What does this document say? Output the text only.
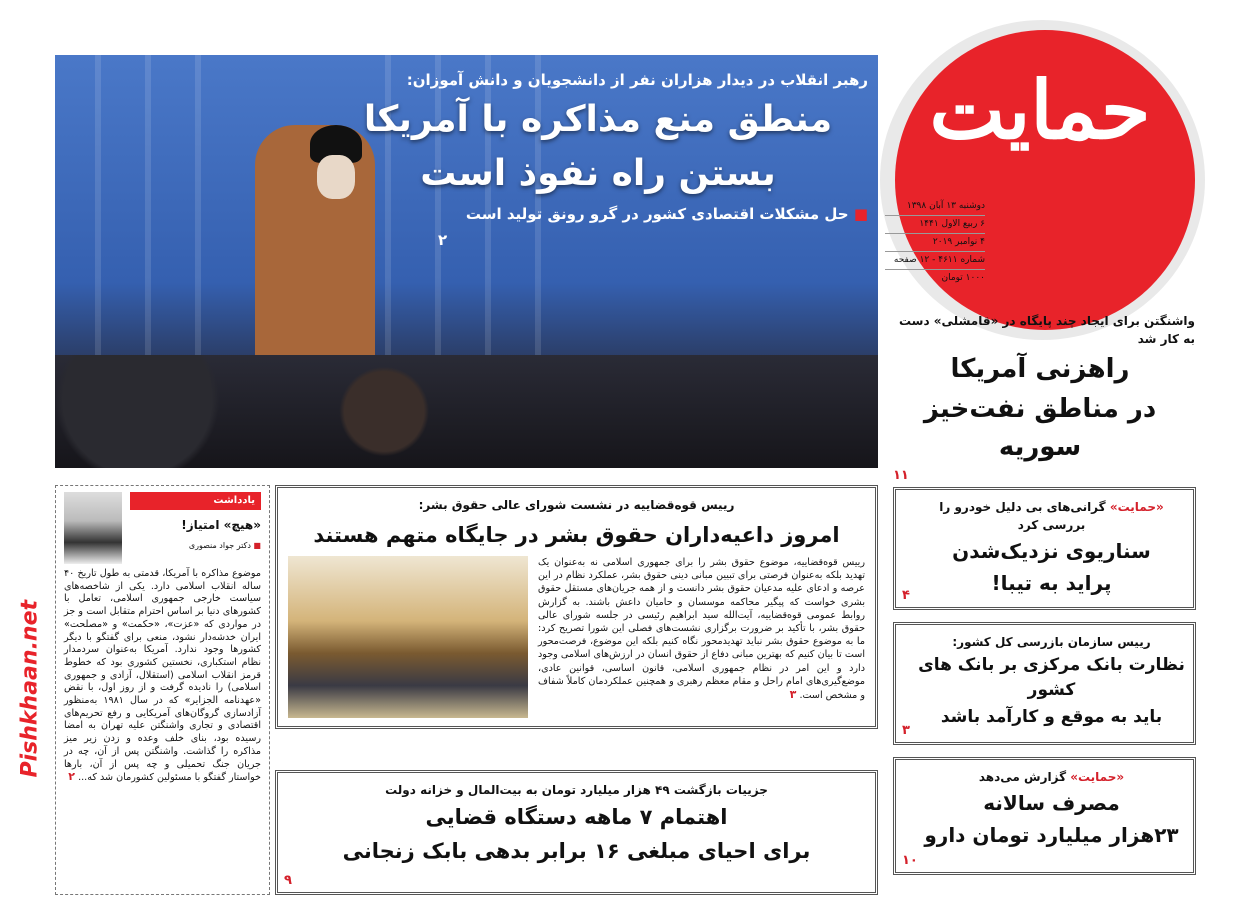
حمایت
دوشنبه ۱۳ آبان ۱۳۹۸
۶ ربیع الاول ۱۴۴۱
۴ نوامبر ۲۰۱۹
شماره ۴۶۱۱ - ۱۲ صفحه
۱۰۰۰ تومان
رهبر انقلاب در دیدار هزاران نفر از دانشجویان و دانش آموزان:
منطق منع مذاکره با آمریکا
بستن راه نفوذ است
■ حل مشکلات اقتصادی کشور در گرو رونق تولید است
۲
واشنگتن برای ایجاد چند پایگاه در «قامشلی» دست به کار شد
راهزنی آمریکا
در مناطق نفت‌خیز سوریه
۱۱
یادداشت
«هیچ» امتیاز!
■ دکتر جواد منصوری
موضوع مذاکره با آمریکا، قدمتی به طول تاریخ ۴۰ ساله انقلاب اسلامی دارد. یکی از شاخصه‌های سیاست خارجی جمهوری اسلامی، تعامل با کشورهای دنیا بر اساس احترام متقابل است و جز در مواردی که «عزت»، «حکمت» و «مصلحت» ایران خدشه‌دار نشود، منعی برای گفتگو با دیگر کشورها وجود ندارد. آمریکا به‌عنوان سردمدار نظام استکباری، نخستین کشوری بود که خطوط قرمز انقلاب اسلامی (استقلال، آزادی و جمهوری اسلامی) را نادیده گرفت و از روز اول، با نقض «عهدنامه الجزایر» که در سال ۱۹۸۱ به‌منظور آزادسازی گروگان‌های آمریکایی و رفع تحریم‌های اقتصادی و تجاری واشنگتن علیه تهران به امضا رسیده بود، بنای خلف وعده و زدن زیر میز مذاکره را گذاشت. واشنگتن پس از آن، چه در جریان جنگ تحمیلی و چه پس از آن، بارها خواستار گفتگو با مسئولین کشورمان شد که... ۲
Pishkhaan.net
رییس قوه‌قضاییه در نشست شورای عالی حقوق بشر:
امروز داعیه‌داران حقوق بشر در جایگاه متهم هستند
رییس قوه‌قضاییه، موضوع حقوق بشر را برای جمهوری اسلامی نه به‌عنوان یک تهدید بلکه به‌عنوان فرصتی برای تبیین مبانی دینی حقوق بشر، عملکرد نظام در این عرصه و ادعای علیه مدعیان حقوق بشر دانست و از همه جریان‌های مستقل حقوق بشری خواست که پیگیر محاکمه موسسان و حامیان داعش باشند. به گزارش روابط عمومی قوه‌قضاییه، آیت‌الله سید ابراهیم رئیسی در جلسه شورای عالی حقوق بشر، با تأکید بر ضرورت برگزاری نشست‌های فصلی این شورا تصریح کرد: ما به موضوع حقوق بشر نباید تهدیدمحور نگاه کنیم بلکه این موضوع، فرصت‌محور است تا بیان کنیم که بهترین مبانی دفاع از حقوق انسان در ارزش‌های اسلامی وجود دارد و این امر در نظام جمهوری اسلامی، قانون اساسی، قوانین عادی، موضع‌گیری‌های امام راحل و مقام معظم رهبری و همچنین عملکردمان کاملاً شفاف و مشخص است. ۳
جزییات بازگشت ۴۹ هزار میلیارد تومان به بیت‌المال و خزانه دولت
اهتمام ۷ ماهه دستگاه قضایی
برای احیای مبلغی ۱۶ برابر بدهی بابک زنجانی
۹
«حمایت» گرانی‌های بی دلیل خودرو را بررسی کرد
سناریوی نزدیک‌شدن
پراید به تیبا!
۴
رییس سازمان بازرسی کل کشور:
نظارت بانک مرکزی بر بانک های کشور
باید به موقع و کارآمد باشد
۳
«حمایت» گزارش می‌دهد
مصرف سالانه
۲۳هزار میلیارد تومان دارو
۱۰
